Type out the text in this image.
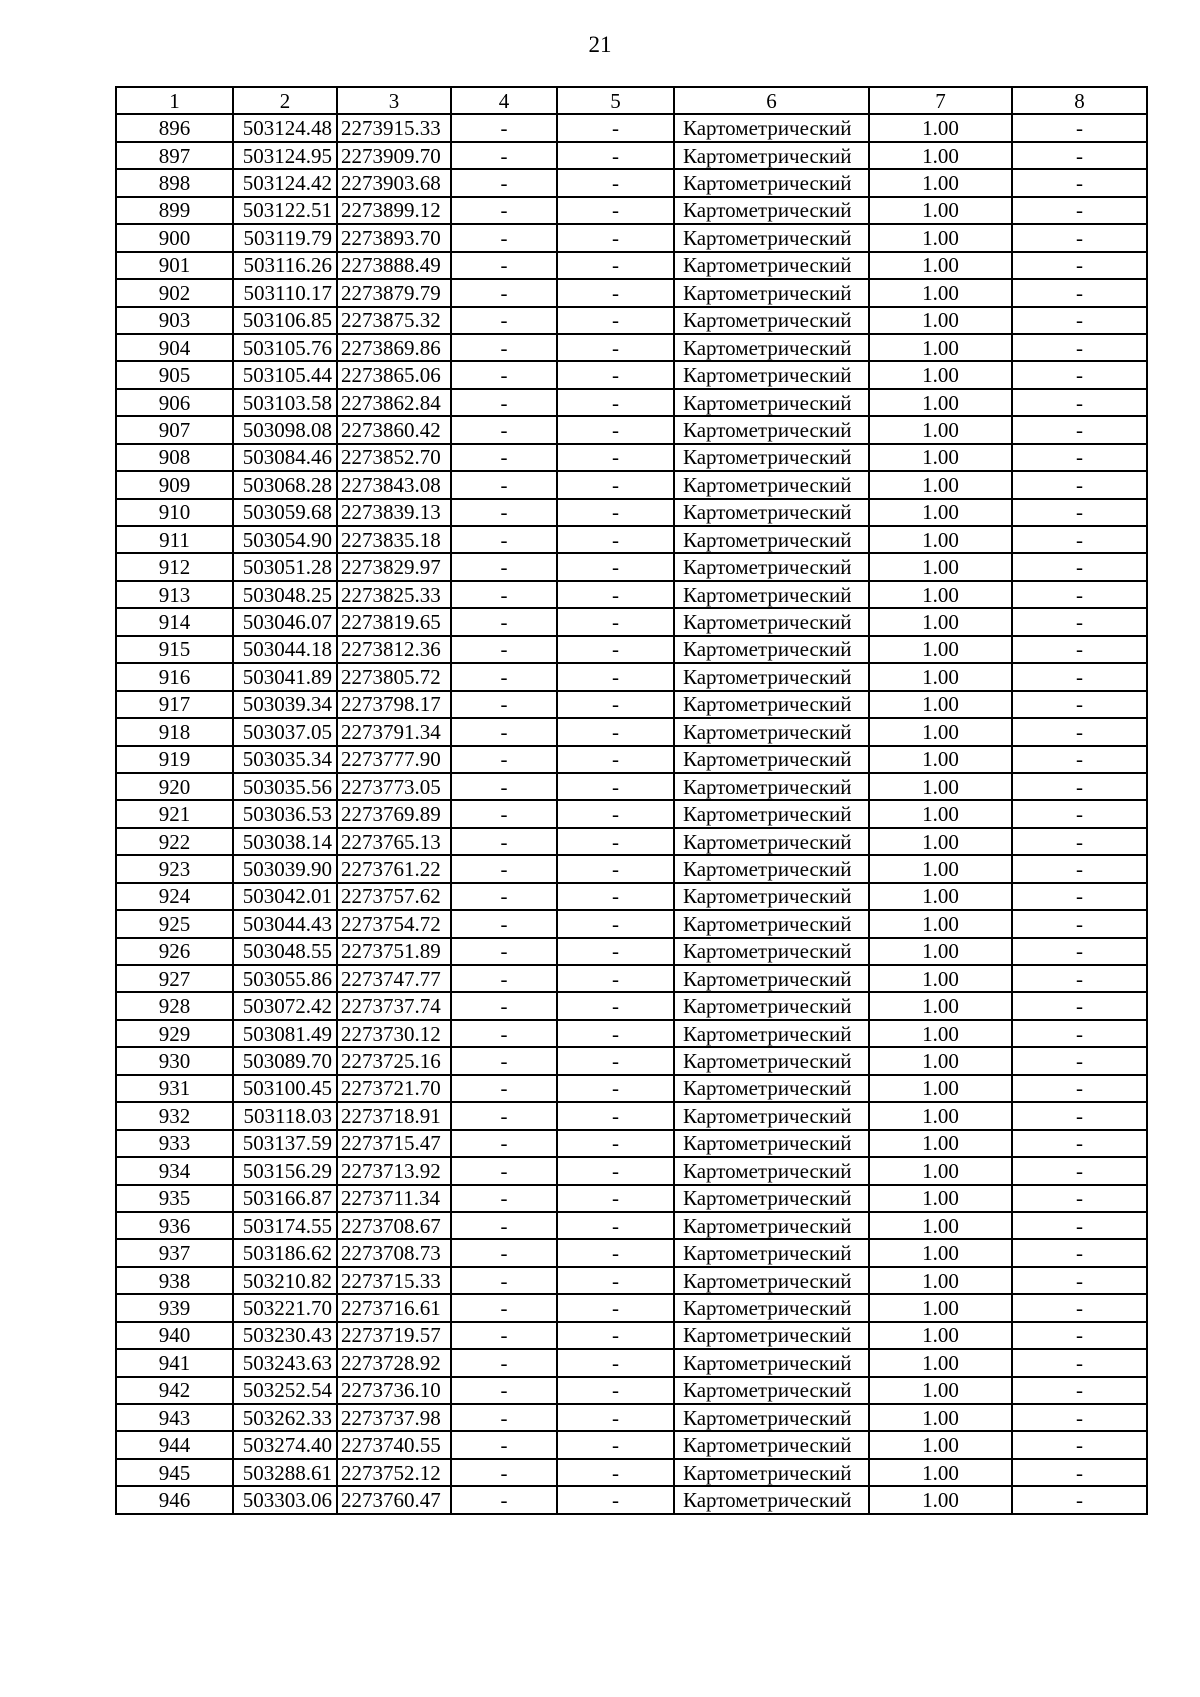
21
1	2	3	4	5	6	7	8
896	503124.48	2273915.33	-	-	Картометрический	1.00	-
897	503124.95	2273909.70	-	-	Картометрический	1.00	-
898	503124.42	2273903.68	-	-	Картометрический	1.00	-
899	503122.51	2273899.12	-	-	Картометрический	1.00	-
900	503119.79	2273893.70	-	-	Картометрический	1.00	-
901	503116.26	2273888.49	-	-	Картометрический	1.00	-
902	503110.17	2273879.79	-	-	Картометрический	1.00	-
903	503106.85	2273875.32	-	-	Картометрический	1.00	-
904	503105.76	2273869.86	-	-	Картометрический	1.00	-
905	503105.44	2273865.06	-	-	Картометрический	1.00	-
906	503103.58	2273862.84	-	-	Картометрический	1.00	-
907	503098.08	2273860.42	-	-	Картометрический	1.00	-
908	503084.46	2273852.70	-	-	Картометрический	1.00	-
909	503068.28	2273843.08	-	-	Картометрический	1.00	-
910	503059.68	2273839.13	-	-	Картометрический	1.00	-
911	503054.90	2273835.18	-	-	Картометрический	1.00	-
912	503051.28	2273829.97	-	-	Картометрический	1.00	-
913	503048.25	2273825.33	-	-	Картометрический	1.00	-
914	503046.07	2273819.65	-	-	Картометрический	1.00	-
915	503044.18	2273812.36	-	-	Картометрический	1.00	-
916	503041.89	2273805.72	-	-	Картометрический	1.00	-
917	503039.34	2273798.17	-	-	Картометрический	1.00	-
918	503037.05	2273791.34	-	-	Картометрический	1.00	-
919	503035.34	2273777.90	-	-	Картометрический	1.00	-
920	503035.56	2273773.05	-	-	Картометрический	1.00	-
921	503036.53	2273769.89	-	-	Картометрический	1.00	-
922	503038.14	2273765.13	-	-	Картометрический	1.00	-
923	503039.90	2273761.22	-	-	Картометрический	1.00	-
924	503042.01	2273757.62	-	-	Картометрический	1.00	-
925	503044.43	2273754.72	-	-	Картометрический	1.00	-
926	503048.55	2273751.89	-	-	Картометрический	1.00	-
927	503055.86	2273747.77	-	-	Картометрический	1.00	-
928	503072.42	2273737.74	-	-	Картометрический	1.00	-
929	503081.49	2273730.12	-	-	Картометрический	1.00	-
930	503089.70	2273725.16	-	-	Картометрический	1.00	-
931	503100.45	2273721.70	-	-	Картометрический	1.00	-
932	503118.03	2273718.91	-	-	Картометрический	1.00	-
933	503137.59	2273715.47	-	-	Картометрический	1.00	-
934	503156.29	2273713.92	-	-	Картометрический	1.00	-
935	503166.87	2273711.34	-	-	Картометрический	1.00	-
936	503174.55	2273708.67	-	-	Картометрический	1.00	-
937	503186.62	2273708.73	-	-	Картометрический	1.00	-
938	503210.82	2273715.33	-	-	Картометрический	1.00	-
939	503221.70	2273716.61	-	-	Картометрический	1.00	-
940	503230.43	2273719.57	-	-	Картометрический	1.00	-
941	503243.63	2273728.92	-	-	Картометрический	1.00	-
942	503252.54	2273736.10	-	-	Картометрический	1.00	-
943	503262.33	2273737.98	-	-	Картометрический	1.00	-
944	503274.40	2273740.55	-	-	Картометрический	1.00	-
945	503288.61	2273752.12	-	-	Картометрический	1.00	-
946	503303.06	2273760.47	-	-	Картометрический	1.00	-
